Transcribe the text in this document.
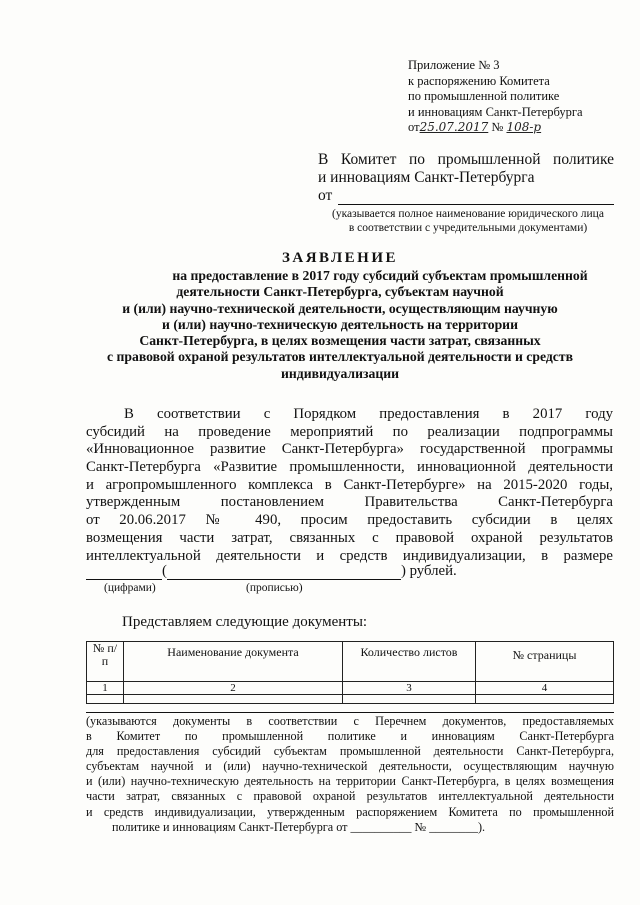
Приложение № 3
к распоряжению Комитета
по промышленной политике
и инновациям Санкт-Петербурга
от25.07.2017 № 108-р
В Комитет по промышленной политике
и инновациям Санкт-Петербурга
от
(указывается полное наименование юридического лица
в соответствии с учредительными документами)
ЗАЯВЛЕНИЕ
на предоставление в 2017 году субсидий субъектам промышленной
деятельности Санкт-Петербурга, субъектам научной
и (или) научно-технической деятельности, осуществляющим научную
и (или) научно-техническую деятельность на территории
Санкт-Петербурга, в целях возмещения части затрат, связанных
с правовой охраной результатов интеллектуальной деятельности и средств
индивидуализации
В соответствии с Порядком предоставления в 2017 году
субсидий на проведение мероприятий по реализации подпрограммы
«Инновационное развитие Санкт-Петербурга» государственной программы
Санкт-Петербурга «Развитие промышленности, инновационной деятельности
и агропромышленного комплекса в Санкт-Петербурге» на 2015-2020 годы,
утвержденным постановлением Правительства Санкт-Петербурга
от 20.06.2017 № 490, просим предоставить субсидии в целях
возмещения части затрат, связанных с правовой охраной результатов
интеллектуальной деятельности и средств индивидуализации, в размере
(	) рублей.
(цифрами)	(прописью)
Представляем следующие документы:
№ п/п	Наименование документа	Количество листов	№ страницы
1	2	3	4

(указываются документы в соответствии с Перечнем документов, предоставляемых
в Комитет по промышленной политике и инновациям Санкт-Петербурга
для предоставления субсидий субъектам промышленной деятельности Санкт-Петербурга,
субъектам научной и (или) научно-технической деятельности, осуществляющим научную
и (или) научно-техническую деятельность на территории Санкт-Петербурга, в целях возмещения
части затрат, связанных с правовой охраной результатов интеллектуальной деятельности
и средств индивидуализации, утвержденным распоряжением Комитета по промышленной
политике и инновациям Санкт-Петербурга от __________ № ________).
